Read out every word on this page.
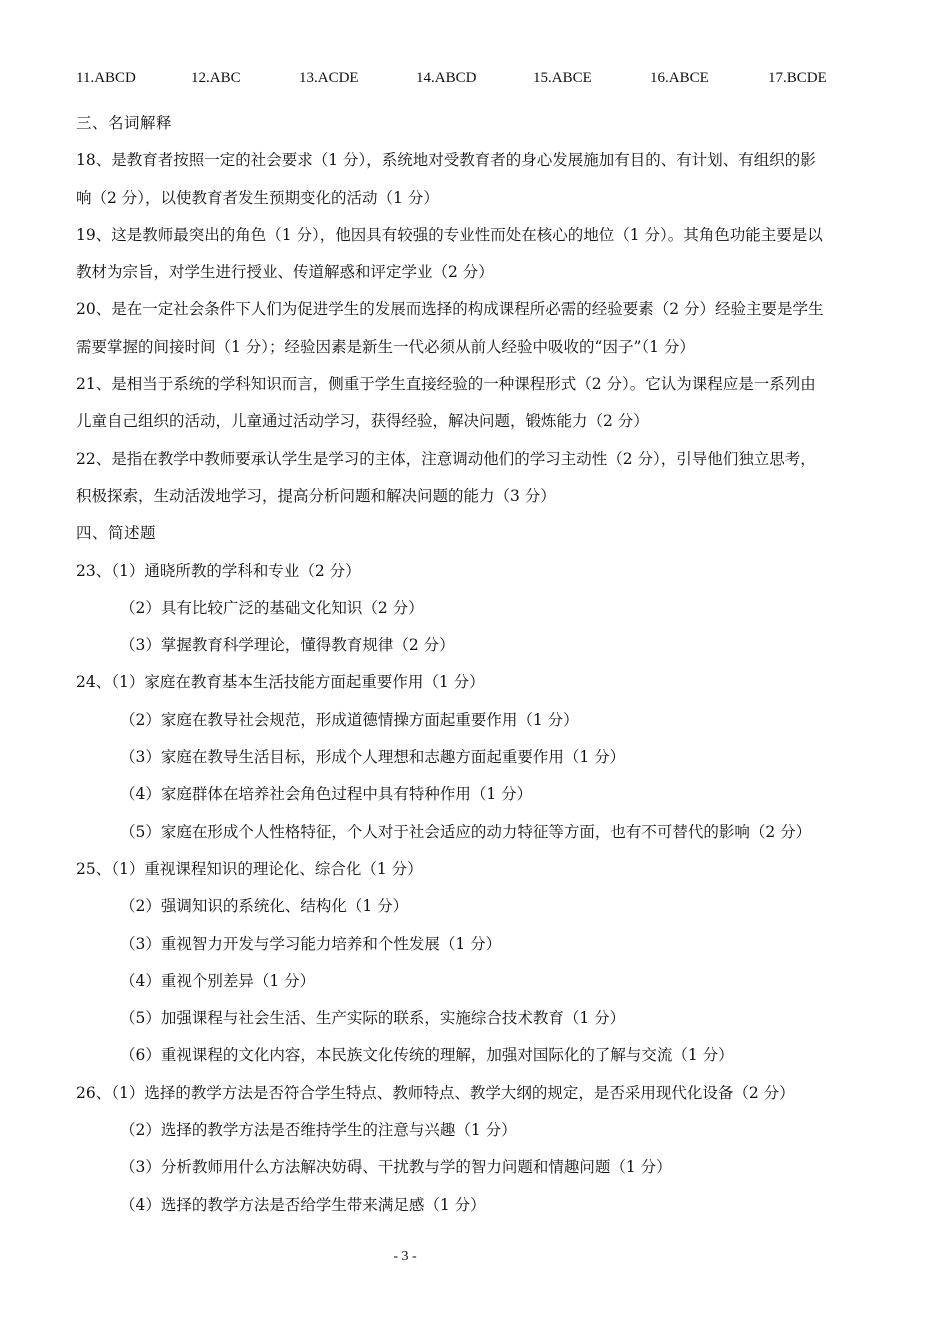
11.ABCD	12.ABC	13.ACDE	14.ABCD	15.ABCE	16.ABCE	17.BCDE
三、名词解释
18、是教育者按照一定的社会要求（1 分），系统地对受教育者的身心发展施加有目的、有计划、有组织的影
响（2 分），以使教育者发生预期变化的活动（1 分）
19、这是教师最突出的角色（1 分），他因具有较强的专业性而处在核心的地位（1 分）。其角色功能主要是以
教材为宗旨，对学生进行授业、传道解惑和评定学业（2 分）
20、是在一定社会条件下人们为促进学生的发展而选择的构成课程所必需的经验要素（2 分）经验主要是学生
需要掌握的间接时间（1 分）；经验因素是新生一代必须从前人经验中吸收的“因子”（1 分）
21、是相当于系统的学科知识而言，侧重于学生直接经验的一种课程形式（2 分）。它认为课程应是一系列由
儿童自己组织的活动，儿童通过活动学习，获得经验，解决问题，锻炼能力（2 分）
22、是指在教学中教师要承认学生是学习的主体，注意调动他们的学习主动性（2 分），引导他们独立思考，
积极探索，生动活泼地学习，提高分析问题和解决问题的能力（3 分）
四、简述题
23、（1）通晓所教的学科和专业（2 分）
（2）具有比较广泛的基础文化知识（2 分）
（3）掌握教育科学理论，懂得教育规律（2 分）
24、（1）家庭在教育基本生活技能方面起重要作用（1 分）
（2）家庭在教导社会规范，形成道德情操方面起重要作用（1 分）
（3）家庭在教导生活目标，形成个人理想和志趣方面起重要作用（1 分）
（4）家庭群体在培养社会角色过程中具有特种作用（1 分）
（5）家庭在形成个人性格特征，个人对于社会适应的动力特征等方面，也有不可替代的影响（2 分）
25、（1）重视课程知识的理论化、综合化（1 分）
（2）强调知识的系统化、结构化（1 分）
（3）重视智力开发与学习能力培养和个性发展（1 分）
（4）重视个别差异（1 分）
（5）加强课程与社会生活、生产实际的联系，实施综合技术教育（1 分）
（6）重视课程的文化内容，本民族文化传统的理解，加强对国际化的了解与交流（1 分）
26、（1）选择的教学方法是否符合学生特点、教师特点、教学大纲的规定，是否采用现代化设备（2 分）
（2）选择的教学方法是否维持学生的注意与兴趣（1 分）
（3）分析教师用什么方法解决妨碍、干扰教与学的智力问题和情趣问题（1 分）
（4）选择的教学方法是否给学生带来满足感（1 分）
- 3 -
